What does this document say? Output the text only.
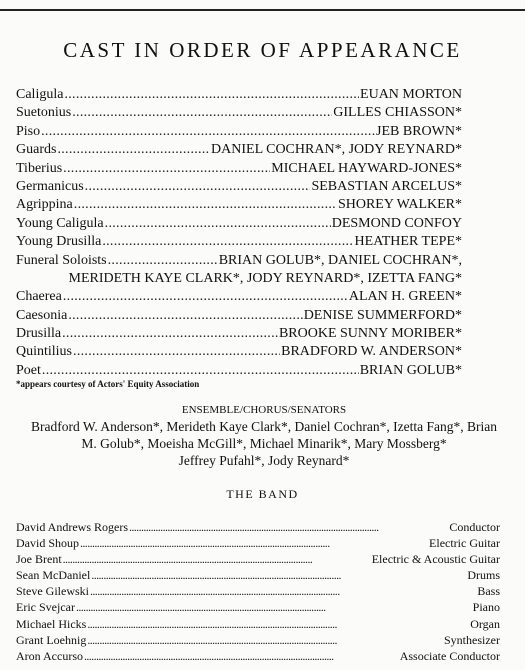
CAST IN ORDER OF APPEARANCE
Caligula . . .	EUAN MORTON
Suetonius . . .	GILLES CHIASSON*
Piso . . .	JEB BROWN*
Guards . . .	DANIEL COCHRAN*, JODY REYNARD*
Tiberius . . .	MICHAEL HAYWARD-JONES*
Germanicus . . .	SEBASTIAN ARCELUS*
Agrippina . . .	SHOREY WALKER*
Young Caligula . . .	DESMOND CONFOY
Young Drusilla . . .	HEATHER TEPE*
Funeral Soloists . . .	BRIAN GOLUB*, DANIEL COCHRAN*,
MERIDETH KAYE CLARK*, JODY REYNARD*, IZETTA FANG*
Chaerea . . .	ALAN H. GREEN*
Caesonia . . .	DENISE SUMMERFORD*
Drusilla . . .	BROOKE SUNNY MORIBER*
Quintilius . . .	BRADFORD W. ANDERSON*
Poet . . .	BRIAN GOLUB*
*appears courtesy of Actors' Equity Association
ENSEMBLE/CHORUS/SENATORS
Bradford W. Anderson*, Merideth Kaye Clark*, Daniel Cochran*, Izetta Fang*, Brian
M. Golub*, Moeisha McGill*, Michael Minarik*, Mary Mossberg*
Jeffrey Pufahl*, Jody Reynard*
THE BAND
David Andrews Rogers . . .	Conductor
David Shoup . . .	Electric Guitar
Joe Brent . . .	Electric & Acoustic Guitar
Sean McDaniel . . .	Drums
Steve Gilewski . . .	Bass
Eric Svejcar . . .	Piano
Michael Hicks . . .	Organ
Grant Loehnig . . .	Synthesizer
Aron Accurso . . .	Associate Conductor
